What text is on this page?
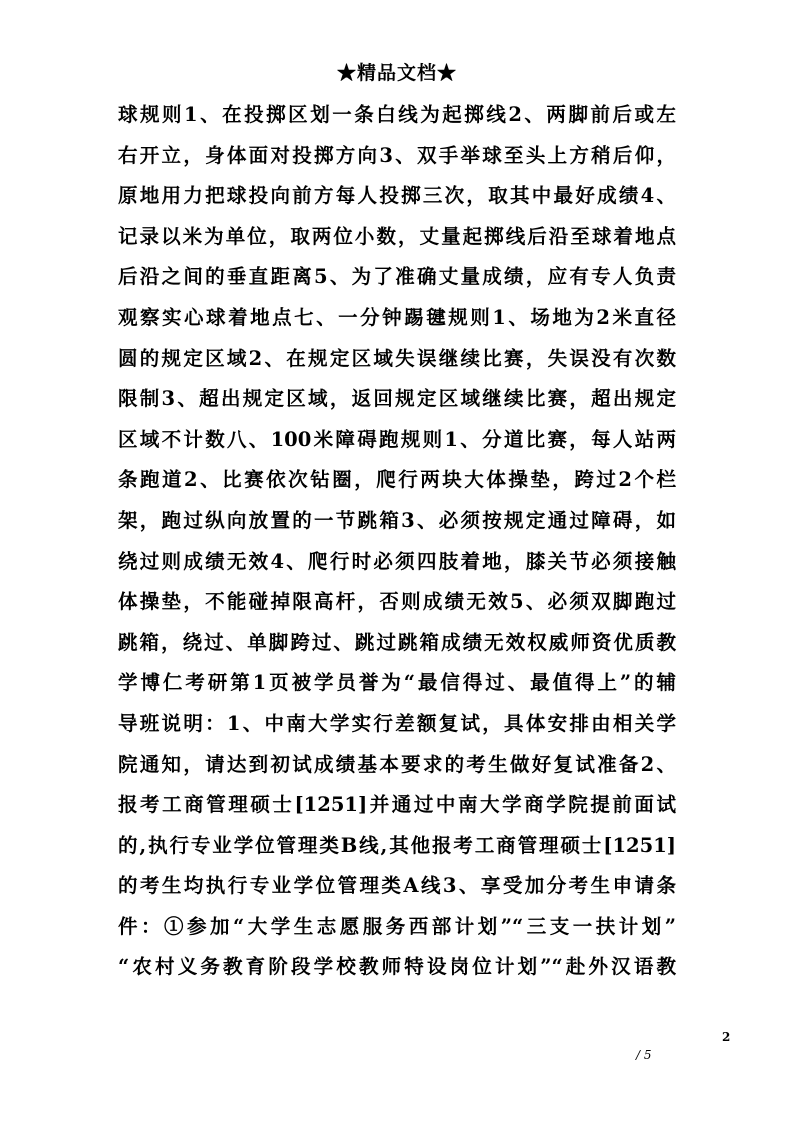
★精品文档★
球规则1、在投掷区划一条白线为起掷线2、两脚前后或左
右开立，身体面对投掷方向3、双手举球至头上方稍后仰，
原地用力把球投向前方每人投掷三次，取其中最好成绩4、
记录以米为单位，取两位小数，丈量起掷线后沿至球着地点
后沿之间的垂直距离5、为了准确丈量成绩，应有专人负责
观察实心球着地点七、一分钟踢毽规则1、场地为2米直径
圆的规定区域2、在规定区域失误继续比赛，失误没有次数
限制3、超出规定区域，返回规定区域继续比赛，超出规定
区域不计数八、100米障碍跑规则1、分道比赛，每人站两
条跑道2、比赛依次钻圈，爬行两块大体操垫，跨过2个栏
架，跑过纵向放置的一节跳箱3、必须按规定通过障碍，如
绕过则成绩无效4、爬行时必须四肢着地，膝关节必须接触
体操垫，不能碰掉限高杆，否则成绩无效5、必须双脚跑过
跳箱，绕过、单脚跨过、跳过跳箱成绩无效权威师资优质教
学博仁考研第1页被学员誉为“最信得过、最值得上”的辅
导班说明：1、中南大学实行差额复试，具体安排由相关学
院通知，请达到初试成绩基本要求的考生做好复试准备2、
报考工商管理硕士[1251]并通过中南大学商学院提前面试
的,执行专业学位管理类B线,其他报考工商管理硕士[1251]
的考生均执行专业学位管理类A线3、享受加分考生申请条
件：①参加“大学生志愿服务西部计划”“三支一扶计划”
“农村义务教育阶段学校教师特设岗位计划”“赴外汉语教
2
/ 5
